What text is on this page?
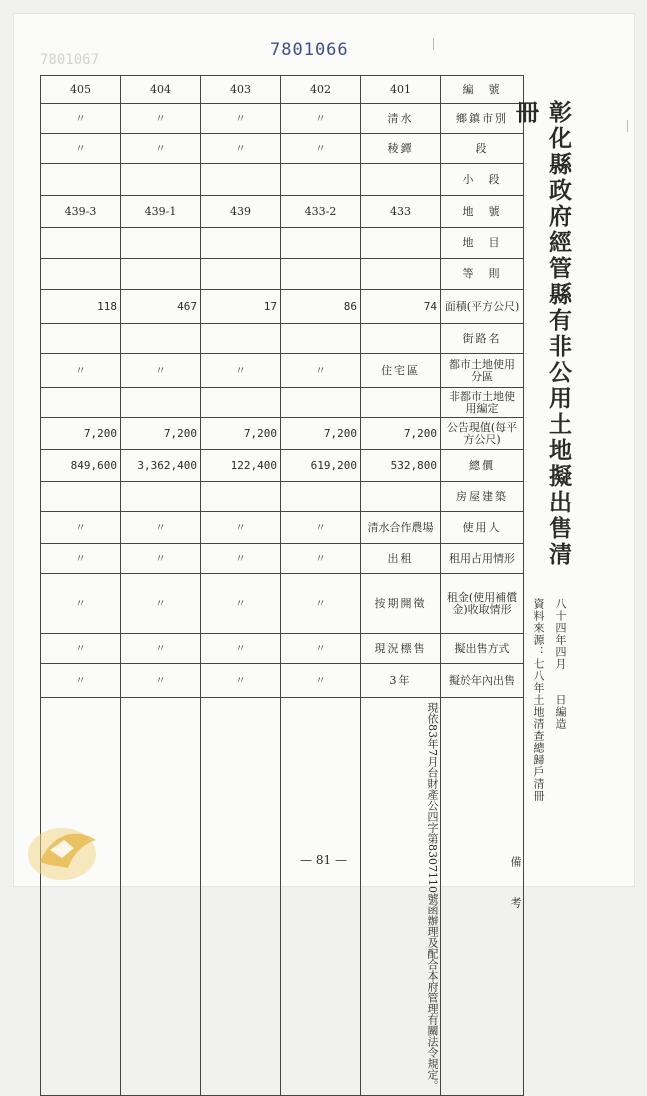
7801067	7801066
405	404	403	402	401	編　號
〃	〃	〃	〃	清水	鄉鎮市別
〃	〃	〃	〃	稜鐔	段
					小　段
439-3	439-1	439	433-2	433	地　號
					地　目
					等　則
118	467	17	86	74	面積(平方公尺)
					街路名
〃	〃	〃	〃	住宅區	都市土地使用分區
					非都市土地使用編定
7,200	7,200	7,200	7,200	7,200	公告現值(每平方公尺)
849,600	3,362,400	122,400	619,200	532,800	總價
					房屋建築
〃	〃	〃	〃	清水合作農場	使用人
〃	〃	〃	〃	出租	租用占用情形
〃	〃	〃	〃	按期開徵	租金(使用補償金)收取情形
〃	〃	〃	〃	現況標售	擬出售方式
〃	〃	〃	〃	3年	擬於年內出售
				現依83年7月台財產公四字第8307110號函辦理及配合本府管理有關法令規定。	備考
彰化縣政府經管縣有非公用土地擬出售清冊
資料來源：七八年土地清查總歸戶清冊 八十四年四月　　日編造
— 81 —
